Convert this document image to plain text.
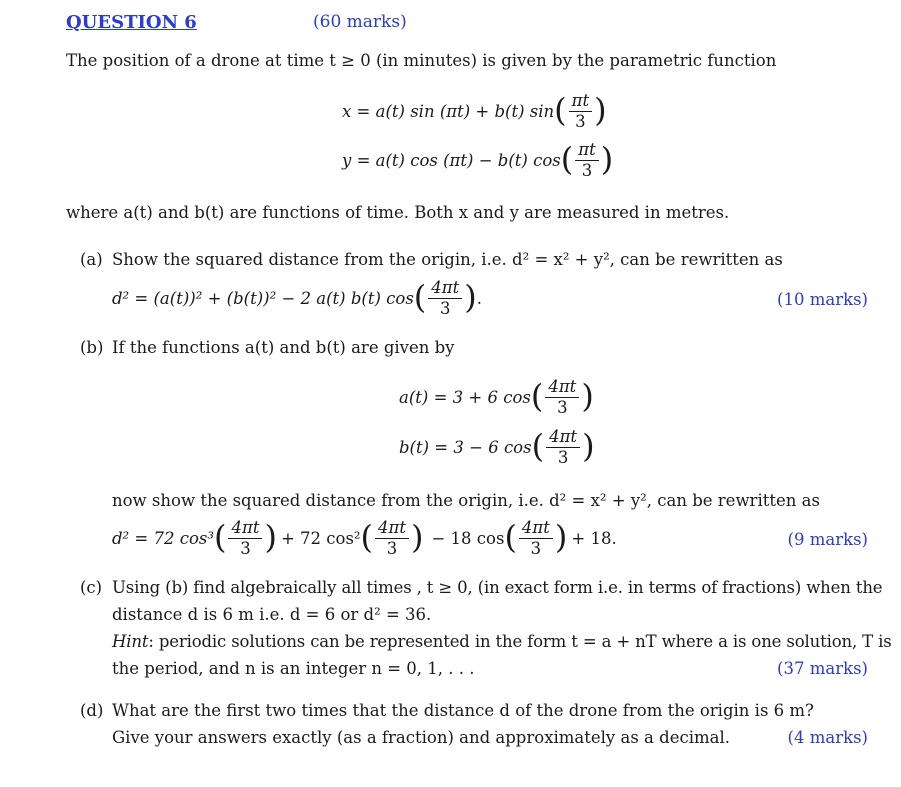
QUESTION 6	(60 marks)
The position of a drone at time t ≥ 0 (in minutes) is given by the parametric function
x = a(t) sin (πt) + b(t) sin ( $\frac{\pi t}{3}$ )
y = a(t) cos (πt) − b(t) cos ( $\frac{\pi t}{3}$ )
where a(t) and b(t) are functions of time. Both x and y are measured in metres.
(a) Show the squared distance from the origin, i.e. d² = x² + y², can be rewritten as
d² = (a(t))² + (b(t))² − 2 a(t) b(t) cos ( $\frac{4\pi t}{3}$ ) .	(10 marks)
(b) If the functions a(t) and b(t) are given by
a(t) = 3 + 6 cos ( $\frac{4\pi t}{3}$ )
b(t) = 3 − 6 cos ( $\frac{4\pi t}{3}$ )
now show the squared distance from the origin, i.e. d² = x² + y², can be rewritten as
d² = 72 cos³ ( $\frac{4\pi t}{3}$ ) + 72 cos² ( $\frac{4\pi t}{3}$ ) − 18 cos ( $\frac{4\pi t}{3}$ ) + 18.	(9 marks)
(c) Using (b) find algebraically all times , t ≥ 0, (in exact form i.e. in terms of fractions) when the
distance d is 6 m i.e. d = 6 or d² = 36.
Hint: periodic solutions can be represented in the form t = a + nT where a is one solution, T is
the period, and n is an integer n = 0, 1, . . .	(37 marks)
(d) What are the first two times that the distance d of the drone from the origin is 6 m?
Give your answers exactly (as a fraction) and approximately as a decimal.	(4 marks)
